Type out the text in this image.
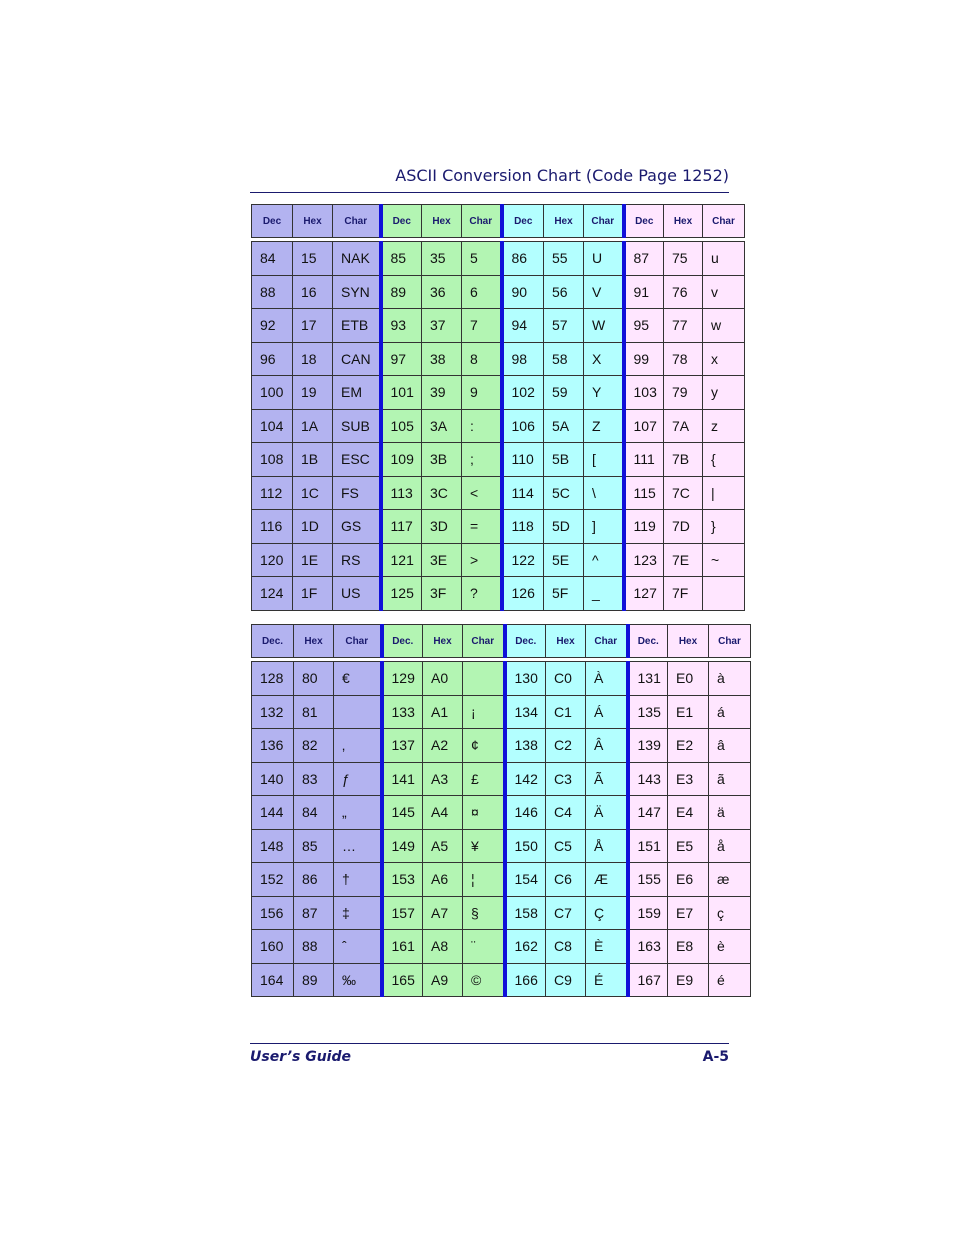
ASCII Conversion Chart (Code Page 1252)
Dec	Hex	Char	Dec	Hex	Char	Dec	Hex	Char	Dec	Hex	Char

84	15	NAK	85	35	5	86	55	U	87	75	u
88	16	SYN	89	36	6	90	56	V	91	76	v
92	17	ETB	93	37	7	94	57	W	95	77	w
96	18	CAN	97	38	8	98	58	X	99	78	x
100	19	EM	101	39	9	102	59	Y	103	79	y
104	1A	SUB	105	3A	:	106	5A	Z	107	7A	z
108	1B	ESC	109	3B	;	110	5B	[	111	7B	{
112	1C	FS	113	3C	<	114	5C	\	115	7C	|
116	1D	GS	117	3D	=	118	5D	]	119	7D	}
120	1E	RS	121	3E	>	122	5E	^	123	7E	~
124	1F	US	125	3F	?	126	5F	_	127	7F	
Dec.	Hex	Char	Dec.	Hex	Char	Dec.	Hex	Char	Dec.	Hex	Char

128	80	€	129	A0		130	C0	À	131	E0	à
132	81		133	A1	¡	134	C1	Á	135	E1	á
136	82	‚	137	A2	¢	138	C2	Â	139	E2	â
140	83	ƒ	141	A3	£	142	C3	Ã	143	E3	ã
144	84	„	145	A4	¤	146	C4	Ä	147	E4	ä
148	85	…	149	A5	¥	150	C5	Å	151	E5	å
152	86	†	153	A6	¦	154	C6	Æ	155	E6	æ
156	87	‡	157	A7	§	158	C7	Ç	159	E7	ç
160	88	ˆ	161	A8	¨	162	C8	È	163	E8	è
164	89	‰	165	A9	©	166	C9	É	167	E9	é
User’s Guide	A-5
